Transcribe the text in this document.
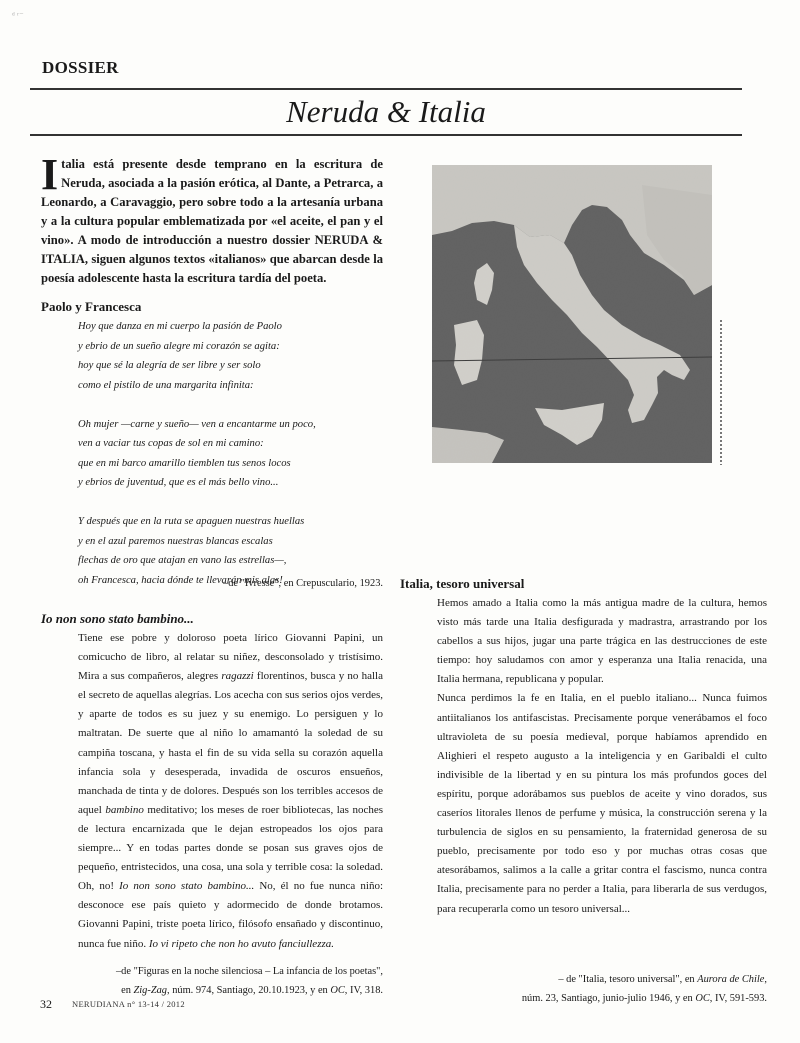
ᵈ ʳ⁻
DOSSIER
Neruda & Italia
Italia está presente desde temprano en la escritura de Neruda, asociada a la pasión erótica, al Dante, a Petrarca, a Leonardo, a Caravaggio, pero sobre todo a la artesanía urbana y a la cultura popular emblematizada por «el aceite, el pan y el vino». A modo de introducción a nuestro dossier NERUDA & ITALIA, siguen algunos textos «italianos» que abarcan desde la poesía adolescente hasta la escritura tardía del poeta.
Paolo y Francesca
Hoy que danza en mi cuerpo la pasión de Paolo
y ebrio de un sueño alegre mi corazón se agita:
hoy que sé la alegría de ser libre y ser solo
como el pistilo de una margarita infinita:
Oh mujer —carne y sueño— ven a encantarme un poco,
ven a vaciar tus copas de sol en mi camino:
que en mi barco amarillo tiemblen tus senos locos
y ebrios de juventud, que es el más bello vino...
Y después que en la ruta se apaguen nuestras huellas
y en el azul paremos nuestras blancas escalas
flechas de oro que atajan en vano las estrellas—,
oh Francesca, hacia dónde te llevarán mis alas!
–de "Ivresse", en Crepusculario, 1923.
Io non sono stato bambino...
Tiene ese pobre y doloroso poeta lírico Giovanni Papini, un comicucho de libro, al relatar su niñez, desconsolado y tristísimo. Mira a sus compañeros, alegres ragazzi florentinos, busca y no halla el secreto de aquellas alegrías. Los acecha con sus serios ojos verdes, y aparte de todos es su juez y su enemigo. Lo persiguen y lo maltratan. De suerte que al niño lo amamantó la soledad de su campiña toscana, y hasta el fin de su vida sella su corazón aquella infancia sola y desesperada, invadida de oscuros ensueños, manchada de tinta y de dolores. Después son los terribles accesos de aquel bambino meditativo; los meses de roer bibliotecas, las noches de lectura encarnizada que le dejan estropeados los ojos para siempre... Y en todas partes donde se posan sus graves ojos de pequeño, entristecidos, una cosa, una sola y terrible cosa: la soledad. Oh, no! Io non sono stato bambino... No, él no fue nunca niño: desconoce ese país quieto y adormecido de donde brotamos. Giovanni Papini, triste poeta lírico, filósofo ensañado y discontinuo, nunca fue niño. Io vi ripeto che non ho avuto fanciullezza.
–de "Figuras en la noche silenciosa – La infancia de los poetas",
en Zig-Zag, núm. 974, Santiago, 20.10.1923, y en OC, IV, 318.
Italia, tesoro universal
Hemos amado a Italia como la más antigua madre de la cultura, hemos visto más tarde una Italia desfigurada y madrastra, arrastrando por los cabellos a sus hijos, jugar una parte trágica en las destrucciones de este tiempo: hoy saludamos con amor y esperanza una Italia renacida, una Italia hermana, republicana y popular.
Nunca perdimos la fe en Italia, en el pueblo italiano... Nunca fuimos antiitalianos los antifascistas. Precisamente porque venerábamos el foco ultravioleta de su poesía medieval, porque habíamos aprendido en Alighieri el respeto augusto a la inteligencia y en Garibaldi el culto indivisible de la libertad y en su pintura los más profundos goces del espíritu, porque adorábamos sus pueblos de aceite y vino dorados, sus caseríos litorales llenos de perfume y música, la construcción serena y la turbulencia de siglos en su pensamiento, la fraternidad generosa de su pueblo, precisamente por todo eso y por muchas otras cosas que atesorábamos, salimos a la calle a gritar contra el fascismo, nunca contra Italia, precisamente para no perder a Italia, para liberarla de sus verdugos, para recuperarla como un tesoro universal...
– de "Italia, tesoro universal", en Aurora de Chile,
núm. 23, Santiago, junio-julio 1946, y en OC, IV, 591-593.
32 NERUDIANA n° 13-14 / 2012
